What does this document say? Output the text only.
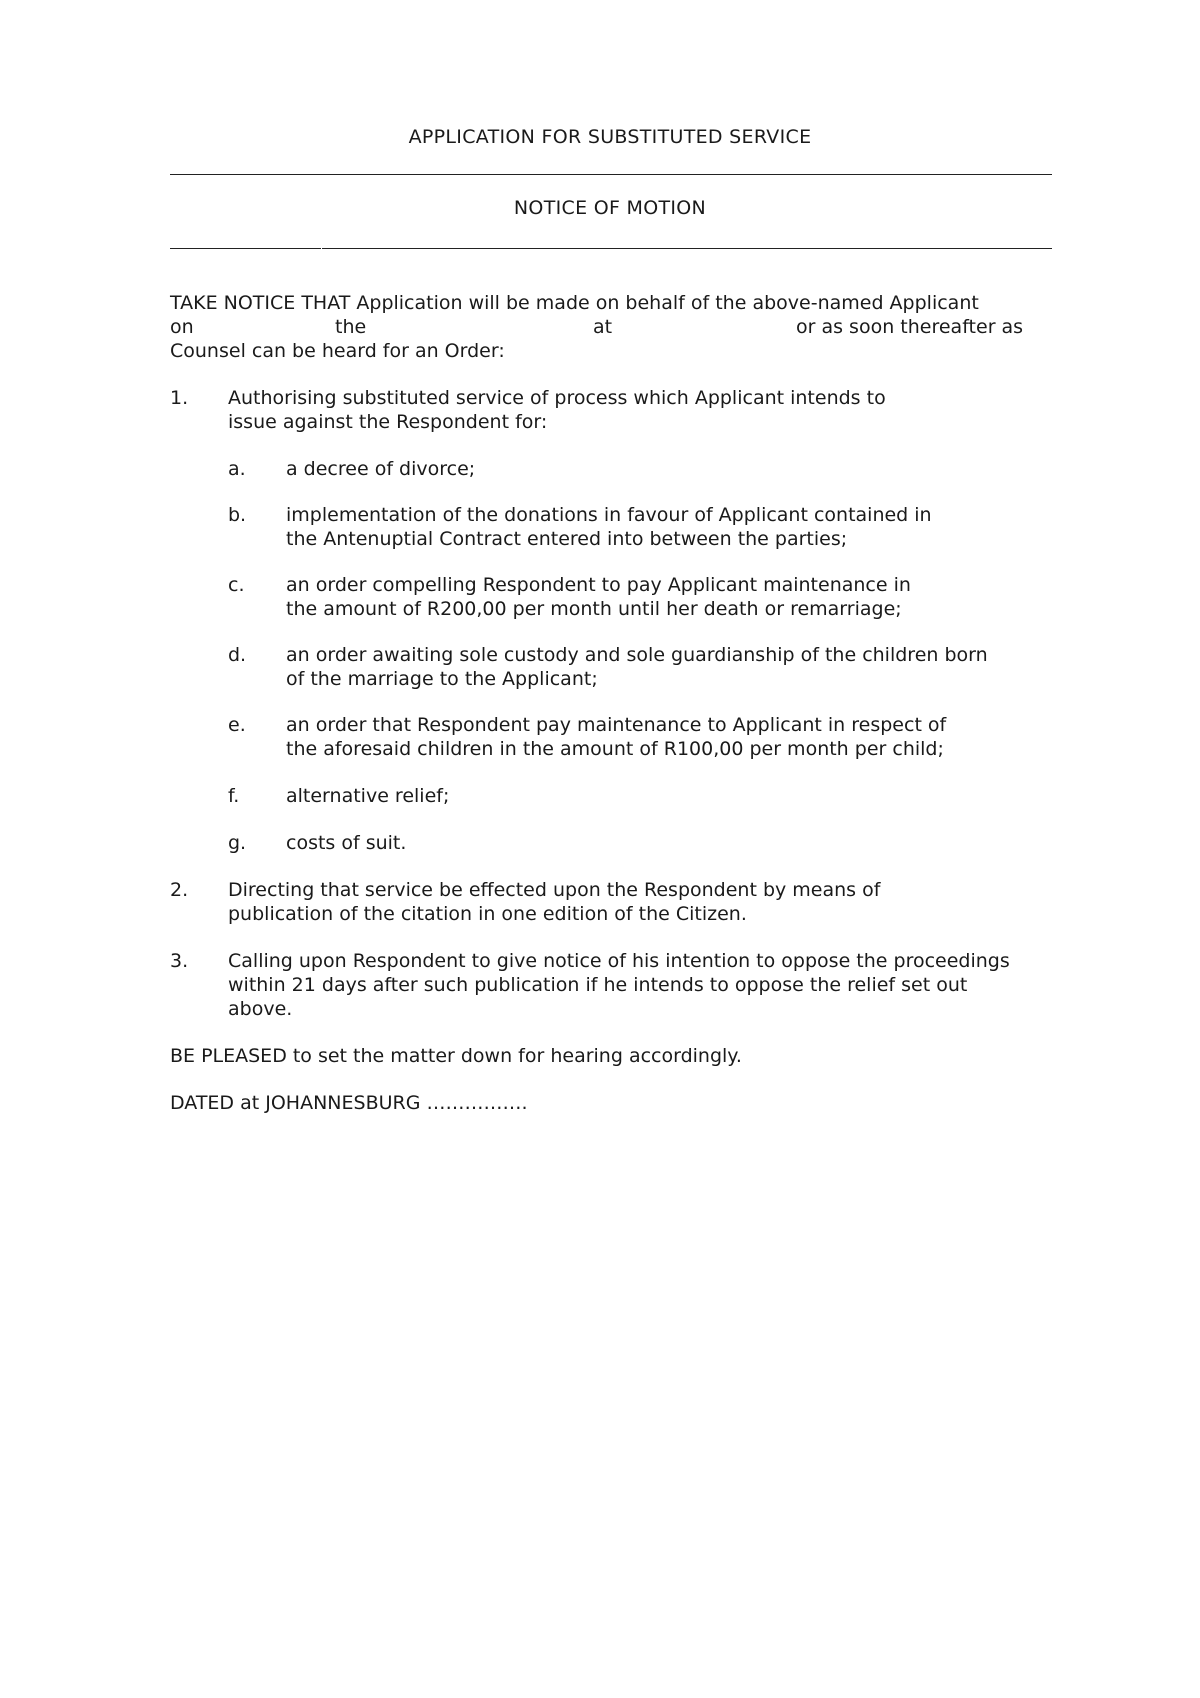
APPLICATION FOR SUBSTITUTED SERVICE
NOTICE OF MOTION
TAKE NOTICE THAT Application will be made on behalf of the above-named Applicant
on	the	at	or as soon thereafter as
Counsel can be heard for an Order:
1. Authorising substituted service of process which Applicant intends to
issue against the Respondent for:
a. a decree of divorce;
b. implementation of the donations in favour of Applicant contained in
the Antenuptial Contract entered into between the parties;
c. an order compelling Respondent to pay Applicant maintenance in
the amount of R200,00 per month until her death or remarriage;
d. an order awaiting sole custody and sole guardianship of the children born
of the marriage to the Applicant;
e. an order that Respondent pay maintenance to Applicant in respect of
the aforesaid children in the amount of R100,00 per month per child;
f. alternative relief;
g. costs of suit.
2. Directing that service be effected upon the Respondent by means of
publication of the citation in one edition of the Citizen.
3. Calling upon Respondent to give notice of his intention to oppose the proceedings
within 21 days after such publication if he intends to oppose the relief set out
above.
BE PLEASED to set the matter down for hearing accordingly.
DATED at JOHANNESBURG …………….
